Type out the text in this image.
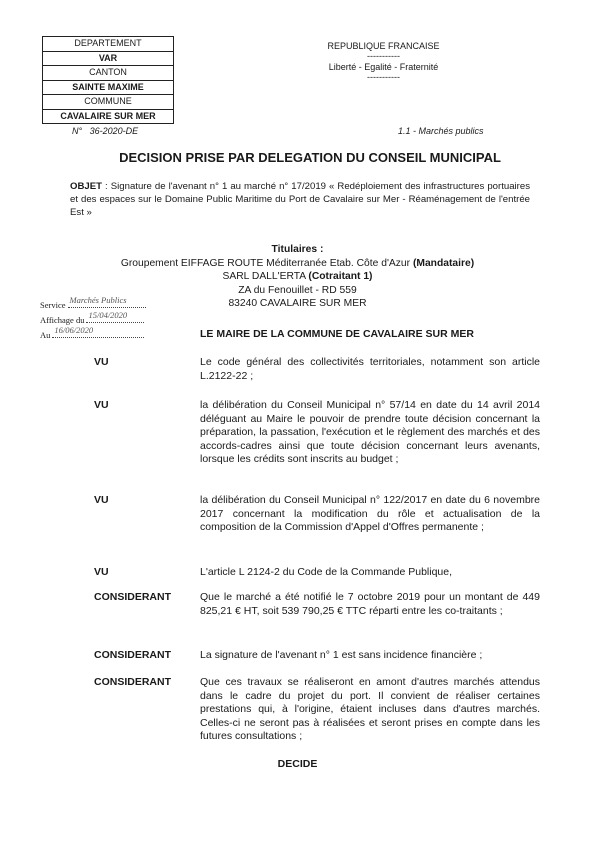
DEPARTEMENT
VAR
CANTON
SAINTE MAXIME
COMMUNE
CAVALAIRE SUR MER
REPUBLIQUE FRANCAISE
-----------
Liberté - Egalité - Fraternité
-----------
N° 36-2020-DE	1.1 - Marchés publics
DECISION PRISE PAR DELEGATION DU CONSEIL MUNICIPAL
OBJET : Signature de l'avenant n° 1 au marché n° 17/2019 « Redéploiement des infrastructures portuaires et des espaces sur le Domaine Public Maritime du Port de Cavalaire sur Mer - Réaménagement de l'entrée Est »
Titulaires :
Groupement EIFFAGE ROUTE Méditerranée Etab. Côte d'Azur (Mandataire)
SARL DALL'ERTA (Cotraitant 1)
ZA du Fenouillet - RD 559
83240 CAVALAIRE SUR MER
Service Marchés Publics
Affichage du 15/04/2020
Au 16/06/2020	LE MAIRE DE LA COMMUNE DE CAVALAIRE SUR MER
VU	Le code général des collectivités territoriales, notamment son article L.2122-22 ;
VU	la délibération du Conseil Municipal n° 57/14 en date du 14 avril 2014 déléguant au Maire le pouvoir de prendre toute décision concernant la préparation, la passation, l'exécution et le règlement des marchés et des accords-cadres ainsi que toute décision concernant leurs avenants, lorsque les crédits sont inscrits au budget ;
VU	la délibération du Conseil Municipal n° 122/2017 en date du 6 novembre 2017 concernant la modification du rôle et actualisation de la composition de la Commission d'Appel d'Offres permanente ;
VU	L'article L 2124-2 du Code de la Commande Publique,
CONSIDERANT	Que le marché a été notifié le 7 octobre 2019 pour un montant de 449 825,21 € HT, soit 539 790,25 € TTC réparti entre les co-traitants ;
CONSIDERANT	La signature de l'avenant n° 1 est sans incidence financière ;
CONSIDERANT	Que ces travaux se réaliseront en amont d'autres marchés attendus dans le cadre du projet du port. Il convient de réaliser certaines prestations qui, à l'origine, étaient incluses dans d'autres marchés. Celles-ci ne seront pas à réalisées et seront prises en compte dans les futures consultations ;
DECIDE
